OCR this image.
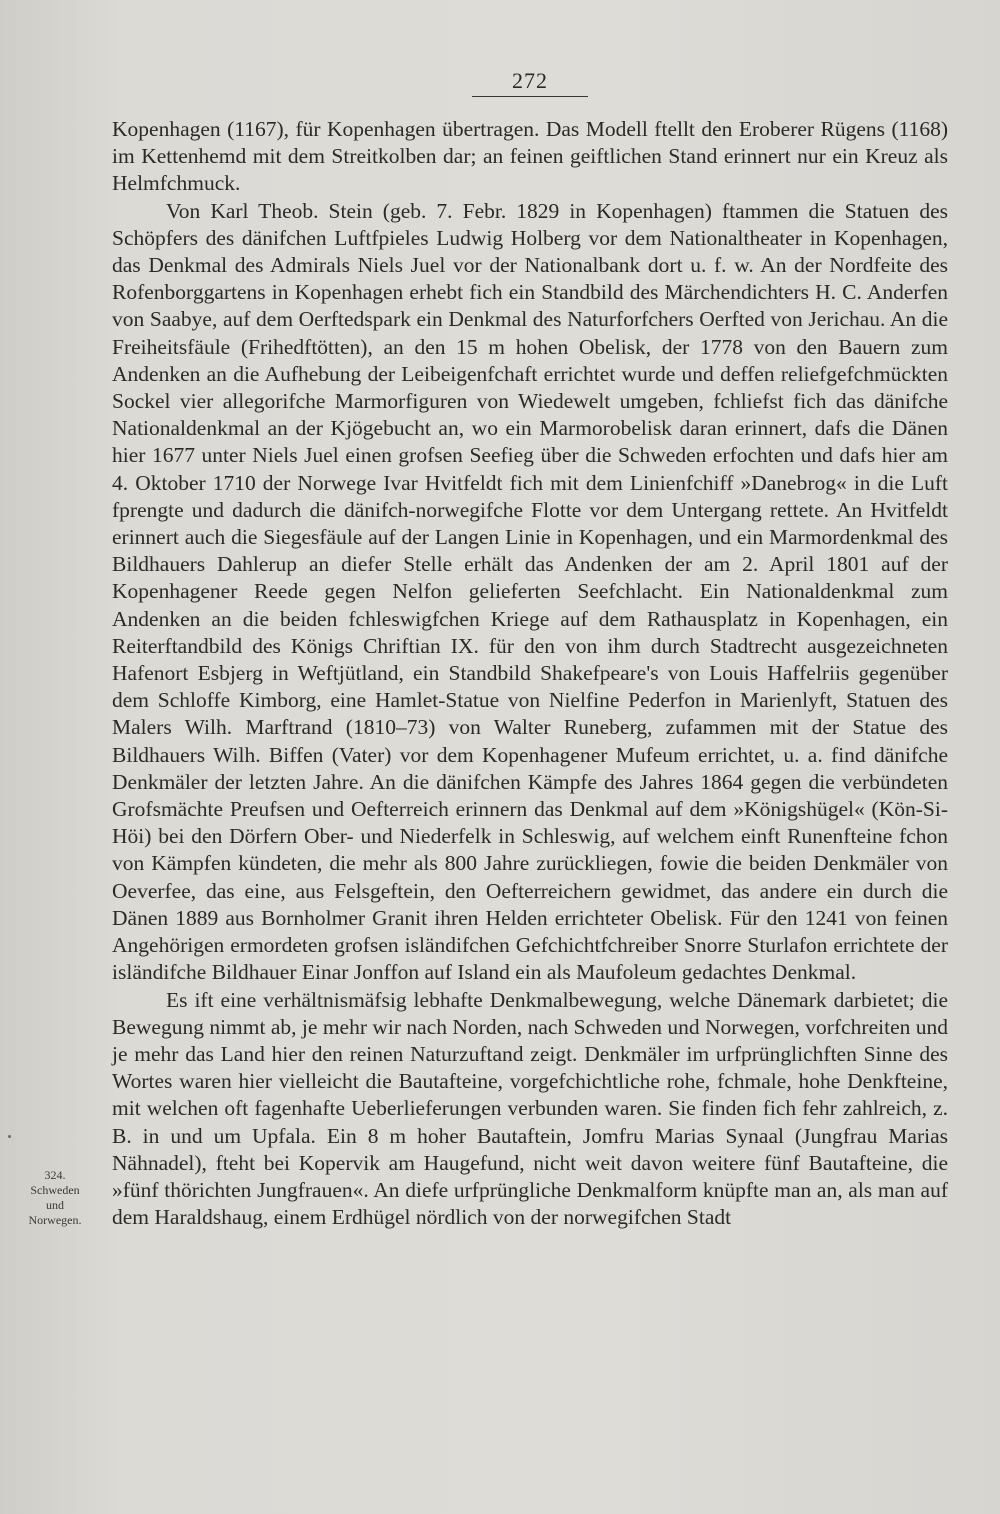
272

Kopenhagen (1167), für Kopenhagen übertragen. Das Modell ftellt den Eroberer Rügens (1168) im Kettenhemd mit dem Streitkolben dar; an feinen geiftlichen Stand erinnert nur ein Kreuz als Helmfchmuck.

Von Karl Theob. Stein (geb. 7. Febr. 1829 in Kopenhagen) ftammen die Statuen des Schöpfers des dänifchen Luftfpieles Ludwig Holberg vor dem Nationaltheater in Kopenhagen, das Denkmal des Admirals Niels Juel vor der Nationalbank dort u. f. w. An der Nordfeite des Rofenborggartens in Kopenhagen erhebt fich ein Standbild des Märchendichters H. C. Anderfen von Saabye, auf dem Oerftedspark ein Denkmal des Naturforfchers Oerfted von Jerichau. An die Freiheitsfäule (Frihedftötten), an den 15 m hohen Obelisk, der 1778 von den Bauern zum Andenken an die Aufhebung der Leibeigenfchaft errichtet wurde und deffen reliefgefchmückten Sockel vier allegorifche Marmorfiguren von Wiedewelt umgeben, fchliefst fich das dänifche Nationaldenkmal an der Kjögebucht an, wo ein Marmorobelisk daran erinnert, dafs die Dänen hier 1677 unter Niels Juel einen grofsen Seefieg über die Schweden erfochten und dafs hier am 4. Oktober 1710 der Norwege Ivar Hvitfeldt fich mit dem Linienfchiff »Danebrog« in die Luft fprengte und dadurch die dänifch-norwegifche Flotte vor dem Untergang rettete. An Hvitfeldt erinnert auch die Siegesfäule auf der Langen Linie in Kopenhagen, und ein Marmordenkmal des Bildhauers Dahlerup an diefer Stelle erhält das Andenken der am 2. April 1801 auf der Kopenhagener Reede gegen Nelfon gelieferten Seefchlacht. Ein Nationaldenkmal zum Andenken an die beiden fchleswigfchen Kriege auf dem Rathausplatz in Kopenhagen, ein Reiterftandbild des Königs Chriftian IX. für den von ihm durch Stadtrecht ausgezeichneten Hafenort Esbjerg in Weftjütland, ein Standbild Shakefpeare's von Louis Haffelriis gegenüber dem Schloffe Kimborg, eine Hamlet-Statue von Nielfine Pederfon in Marienlyft, Statuen des Malers Wilh. Marftrand (1810–73) von Walter Runeberg, zufammen mit der Statue des Bildhauers Wilh. Biffen (Vater) vor dem Kopenhagener Mufeum errichtet, u. a. find dänifche Denkmäler der letzten Jahre. An die dänifchen Kämpfe des Jahres 1864 gegen die verbündeten Grofsmächte Preufsen und Oefterreich erinnern das Denkmal auf dem »Königshügel« (Kön-Si-Höi) bei den Dörfern Ober- und Niederfelk in Schleswig, auf welchem einft Runenfteine fchon von Kämpfen kündeten, die mehr als 800 Jahre zurückliegen, fowie die beiden Denkmäler von Oeverfee, das eine, aus Felsgeftein, den Oefterreichern gewidmet, das andere ein durch die Dänen 1889 aus Bornholmer Granit ihren Helden errichteter Obelisk. Für den 1241 von feinen Angehörigen ermordeten grofsen isländifchen Gefchichtfchreiber Snorre Sturlafon errichtete der isländifche Bildhauer Einar Jonffon auf Island ein als Maufoleum gedachtes Denkmal.

Es ift eine verhältnismäfsig lebhafte Denkmalbewegung, welche Dänemark darbietet; die Bewegung nimmt ab, je mehr wir nach Norden, nach Schweden und Norwegen, vorfchreiten und je mehr das Land hier den reinen Naturzuftand zeigt. Denkmäler im urfprünglichften Sinne des Wortes waren hier vielleicht die Bautafteine, vorgefchichtliche rohe, fchmale, hohe Denkfteine, mit welchen oft fagenhafte Ueberlieferungen verbunden waren. Sie finden fich fehr zahlreich, z. B. in und um Upfala. Ein 8 m hoher Bautaftein, Jomfru Marias Synaal (Jungfrau Marias Nähnadel), fteht bei Kopervik am Haugefund, nicht weit davon weitere fünf Bautafteine, die »fünf thörichten Jungfrauen«. An diefe urfprüngliche Denkmalform knüpfte man an, als man auf dem Haraldshaug, einem Erdhügel nördlich von der norwegifchen Stadt

324.
Schweden
und
Norwegen.
